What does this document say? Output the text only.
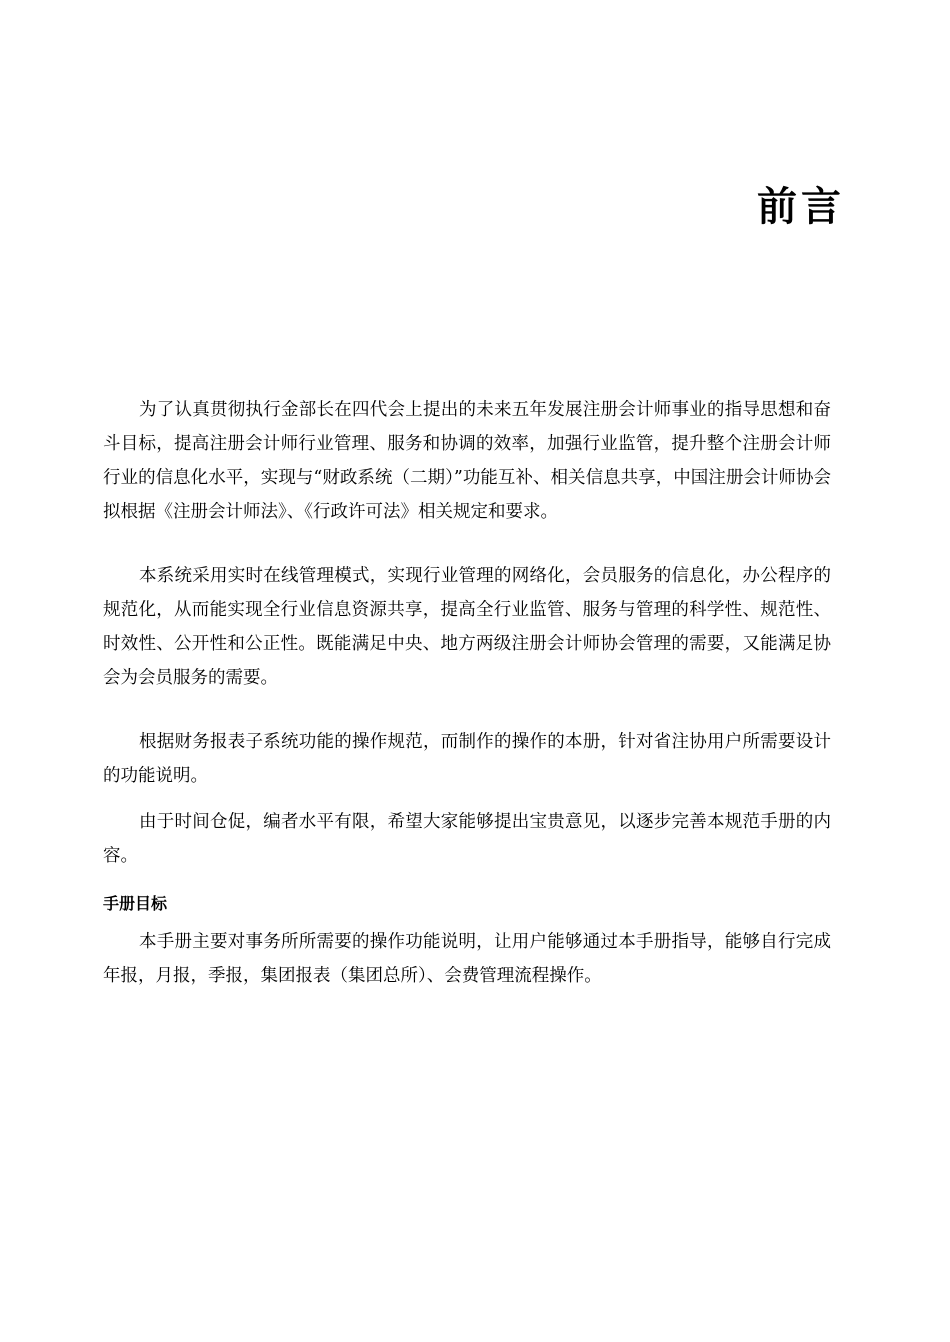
前言

为了认真贯彻执行金部长在四代会上提出的未来五年发展注册会计师事业的指导思想和奋斗目标，提高注册会计师行业管理、服务和协调的效率，加强行业监管，提升整个注册会计师行业的信息化水平，实现与“财政系统（二期）”功能互补、相关信息共享，中国注册会计师协会拟根据《注册会计师法》、《行政许可法》相关规定和要求。

本系统采用实时在线管理模式，实现行业管理的网络化，会员服务的信息化，办公程序的规范化，从而能实现全行业信息资源共享，提高全行业监管、服务与管理的科学性、规范性、时效性、公开性和公正性。既能满足中央、地方两级注册会计师协会管理的需要，又能满足协会为会员服务的需要。

根据财务报表子系统功能的操作规范，而制作的操作的本册，针对省注协用户所需要设计的功能说明。

由于时间仓促，编者水平有限，希望大家能够提出宝贵意见，以逐步完善本规范手册的内容。

手册目标

本手册主要对事务所所需要的操作功能说明，让用户能够通过本手册指导，能够自行完成年报，月报，季报，集团报表（集团总所）、会费管理流程操作。
